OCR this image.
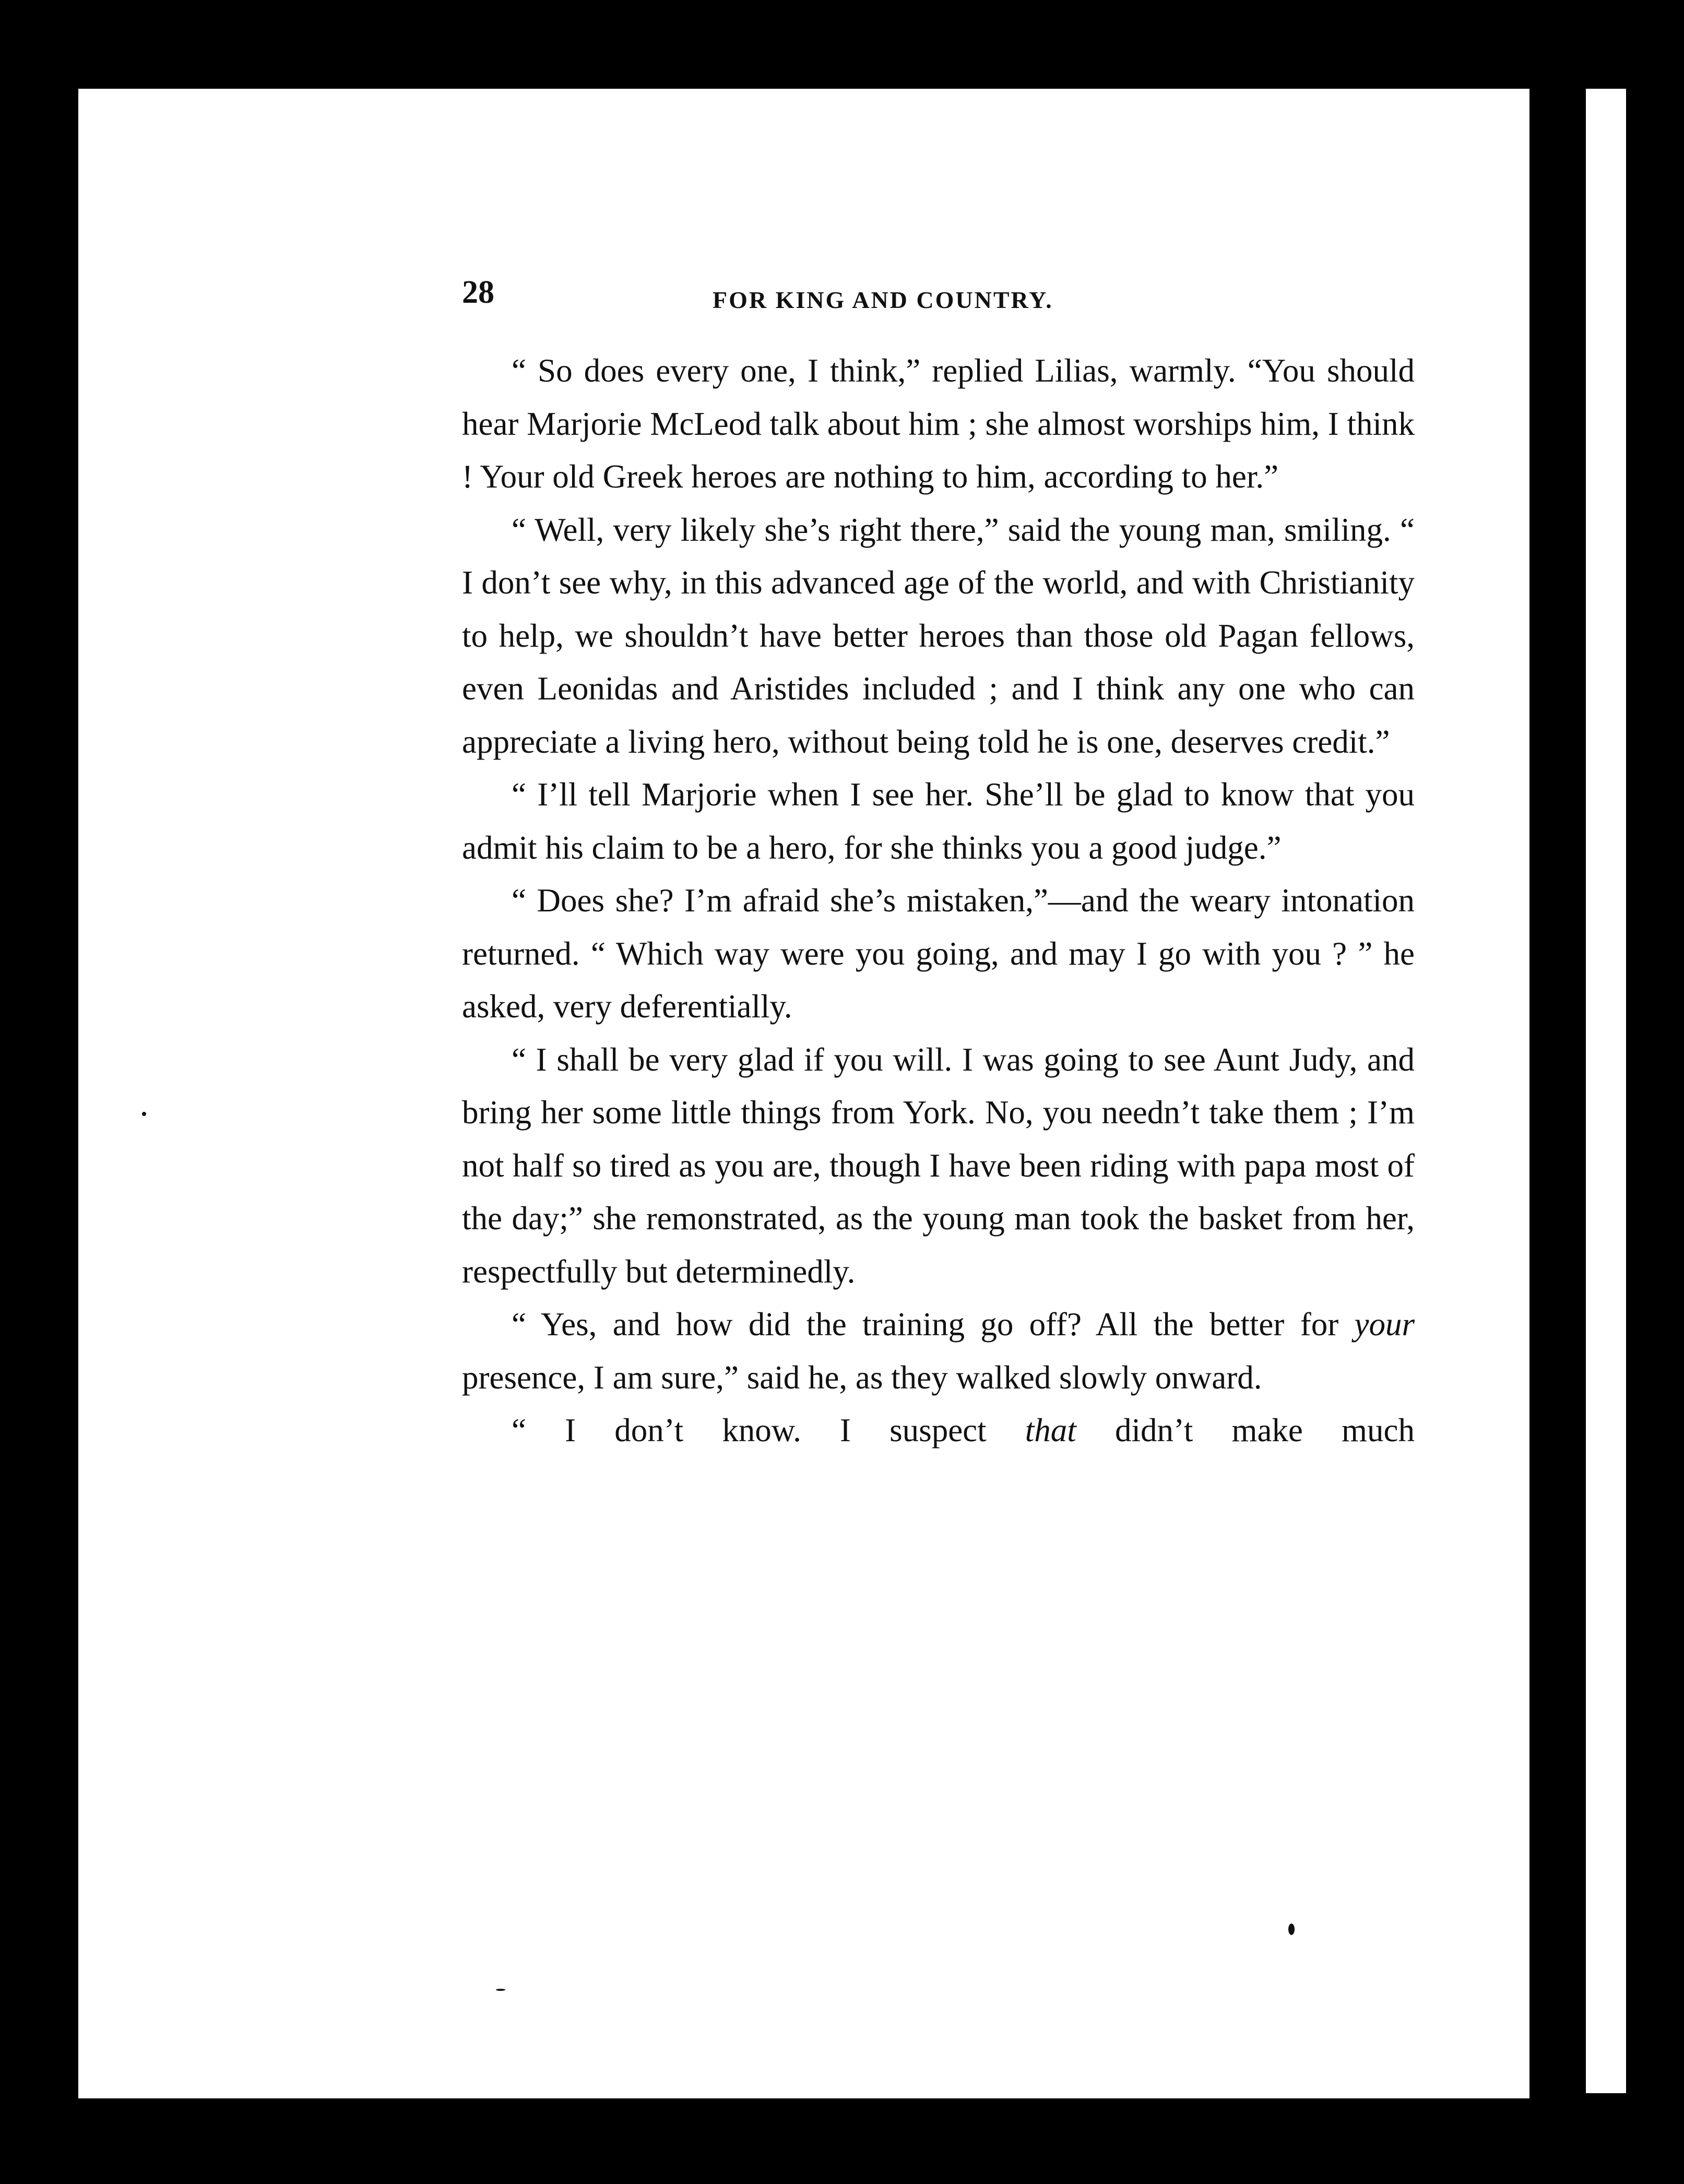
28	FOR KING AND COUNTRY.

“ So does every one, I think,” replied Lilias, warmly. “You should hear Marjorie McLeod talk about him ; she almost worships him, I think ! Your old Greek heroes are nothing to him, according to her.”

“ Well, very likely she’s right there,” said the young man, smiling. “ I don’t see why, in this advanced age of the world, and with Christianity to help, we shouldn’t have better heroes than those old Pagan fellows, even Leonidas and Aristides included ; and I think any one who can appreciate a living hero, without being told he is one, deserves credit.”

“ I’ll tell Marjorie when I see her. She’ll be glad to know that you admit his claim to be a hero, for she thinks you a good judge.”

“ Does she? I’m afraid she’s mistaken,”—and the weary intonation returned. “ Which way were you going, and may I go with you ? ” he asked, very deferentially.

“ I shall be very glad if you will. I was going to see Aunt Judy, and bring her some little things from York. No, you needn’t take them ; I’m not half so tired as you are, though I have been riding with papa most of the day;” she remonstrated, as the young man took the basket from her, respectfully but determinedly.

“ Yes, and how did the training go off? All the better for your presence, I am sure,” said he, as they walked slowly onward.

“ I don’t know. I suspect that didn’t make much
